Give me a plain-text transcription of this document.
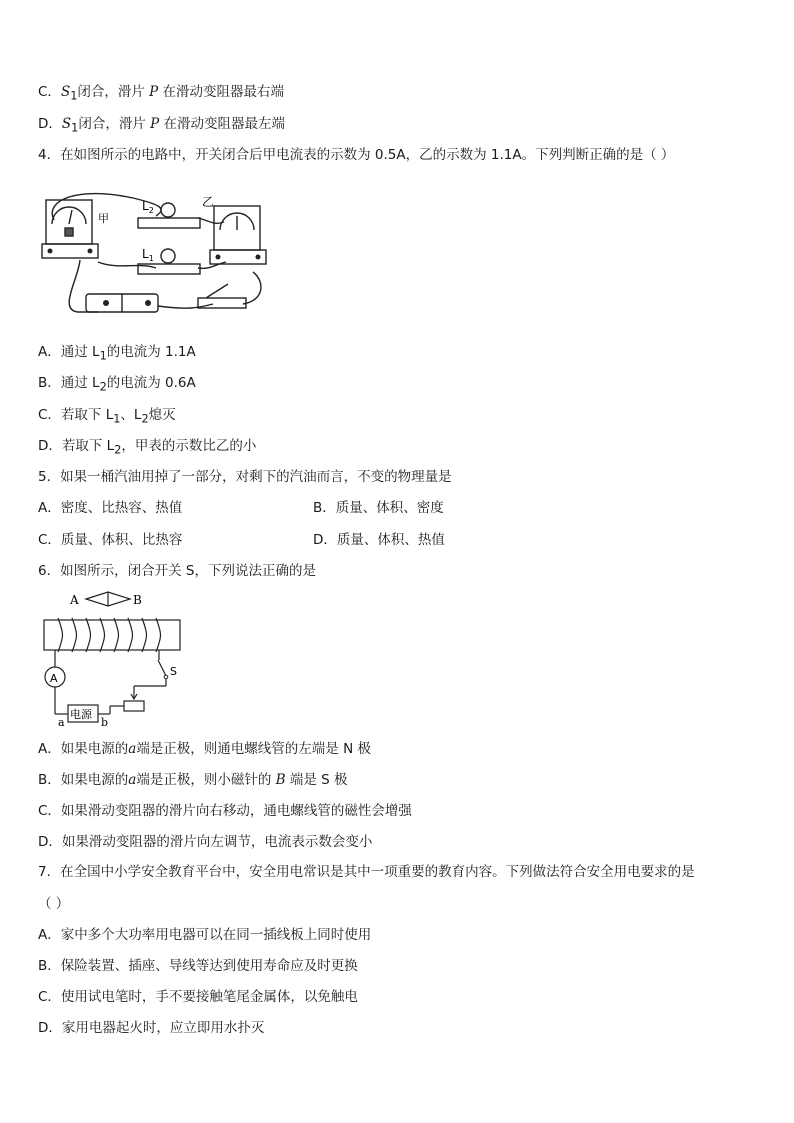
C．$S_1$闭合，滑片 P 在滑动变阻器最右端
D．$S_1$闭合，滑片 P 在滑动变阻器最左端
4．在如图所示的电路中，开关闭合后甲电流表的示数为 0.5A，乙的示数为 1.1A。下列判断正确的是（ ）
甲
乙
$L_2$
$L_1$
A．通过 $L_1$的电流为 1.1A
B．通过 $L_2$的电流为 0.6A
C．若取下 $L_1$、$L_2$熄灭
D．若取下 $L_2$，甲表的示数比乙的小
5．如果一桶汽油用掉了一部分，对剩下的汽油而言，不变的物理量是
A．密度、比热容、热值	B．质量、体积、密度
C．质量、体积、比热容	D．质量、体积、热值
6．如图所示，闭合开关 S，下列说法正确的是
A	B
S
A
电源
a	b
A．如果电源的a端是正极，则通电螺线管的左端是 N 极
B．如果电源的a端是正极，则小磁针的 B 端是 S 极
C．如果滑动变阻器的滑片向右移动，通电螺线管的磁性会增强
D．如果滑动变阻器的滑片向左调节，电流表示数会变小
7．在全国中小学安全教育平台中，安全用电常识是其中一项重要的教育内容。下列做法符合安全用电要求的是
（ ）
A．家中多个大功率用电器可以在同一插线板上同时使用
B．保险装置、插座、导线等达到使用寿命应及时更换
C．使用试电笔时，手不要接触笔尾金属体，以免触电
D．家用电器起火时，应立即用水扑灭
